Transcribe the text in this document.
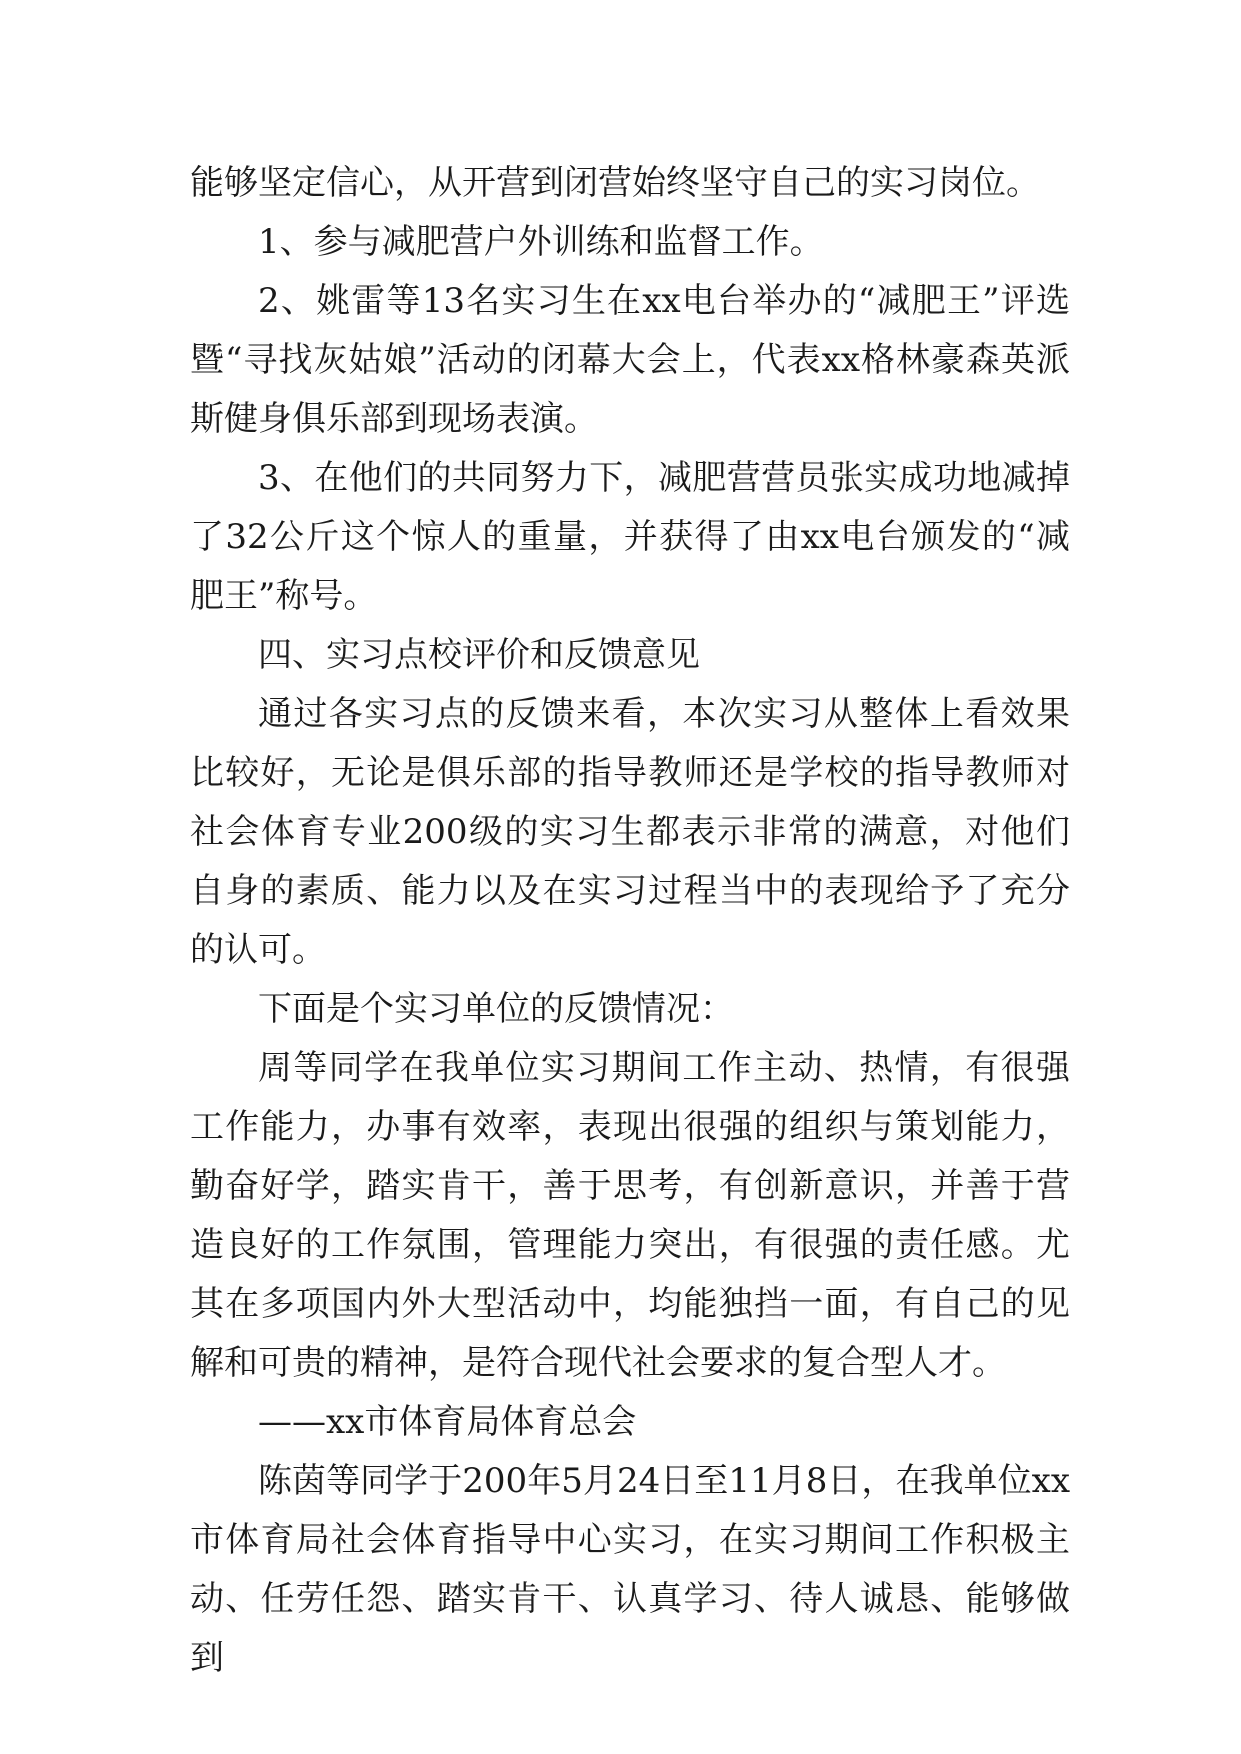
能够坚定信心，从开营到闭营始终坚守自己的实习岗位。

1、参与减肥营户外训练和监督工作。

2、姚雷等13名实习生在xx电台举办的“减肥王”评选暨“寻找灰姑娘”活动的闭幕大会上，代表xx格林豪森英派斯健身俱乐部到现场表演。

3、在他们的共同努力下，减肥营营员张实成功地减掉了32公斤这个惊人的重量，并获得了由xx电台颁发的“减肥王”称号。

四、实习点校评价和反馈意见

通过各实习点的反馈来看，本次实习从整体上看效果比较好，无论是俱乐部的指导教师还是学校的指导教师对社会体育专业200级的实习生都表示非常的满意，对他们自身的素质、能力以及在实习过程当中的表现给予了充分的认可。

下面是个实习单位的反馈情况：

周等同学在我单位实习期间工作主动、热情，有很强工作能力，办事有效率，表现出很强的组织与策划能力，勤奋好学，踏实肯干，善于思考，有创新意识，并善于营造良好的工作氛围，管理能力突出，有很强的责任感。尤其在多项国内外大型活动中，均能独挡一面，有自己的见解和可贵的精神，是符合现代社会要求的复合型人才。

——xx市体育局体育总会

陈茵等同学于200年5月24日至11月8日，在我单位xx市体育局社会体育指导中心实习，在实习期间工作积极主动、任劳任怨、踏实肯干、认真学习、待人诚恳、能够做到
